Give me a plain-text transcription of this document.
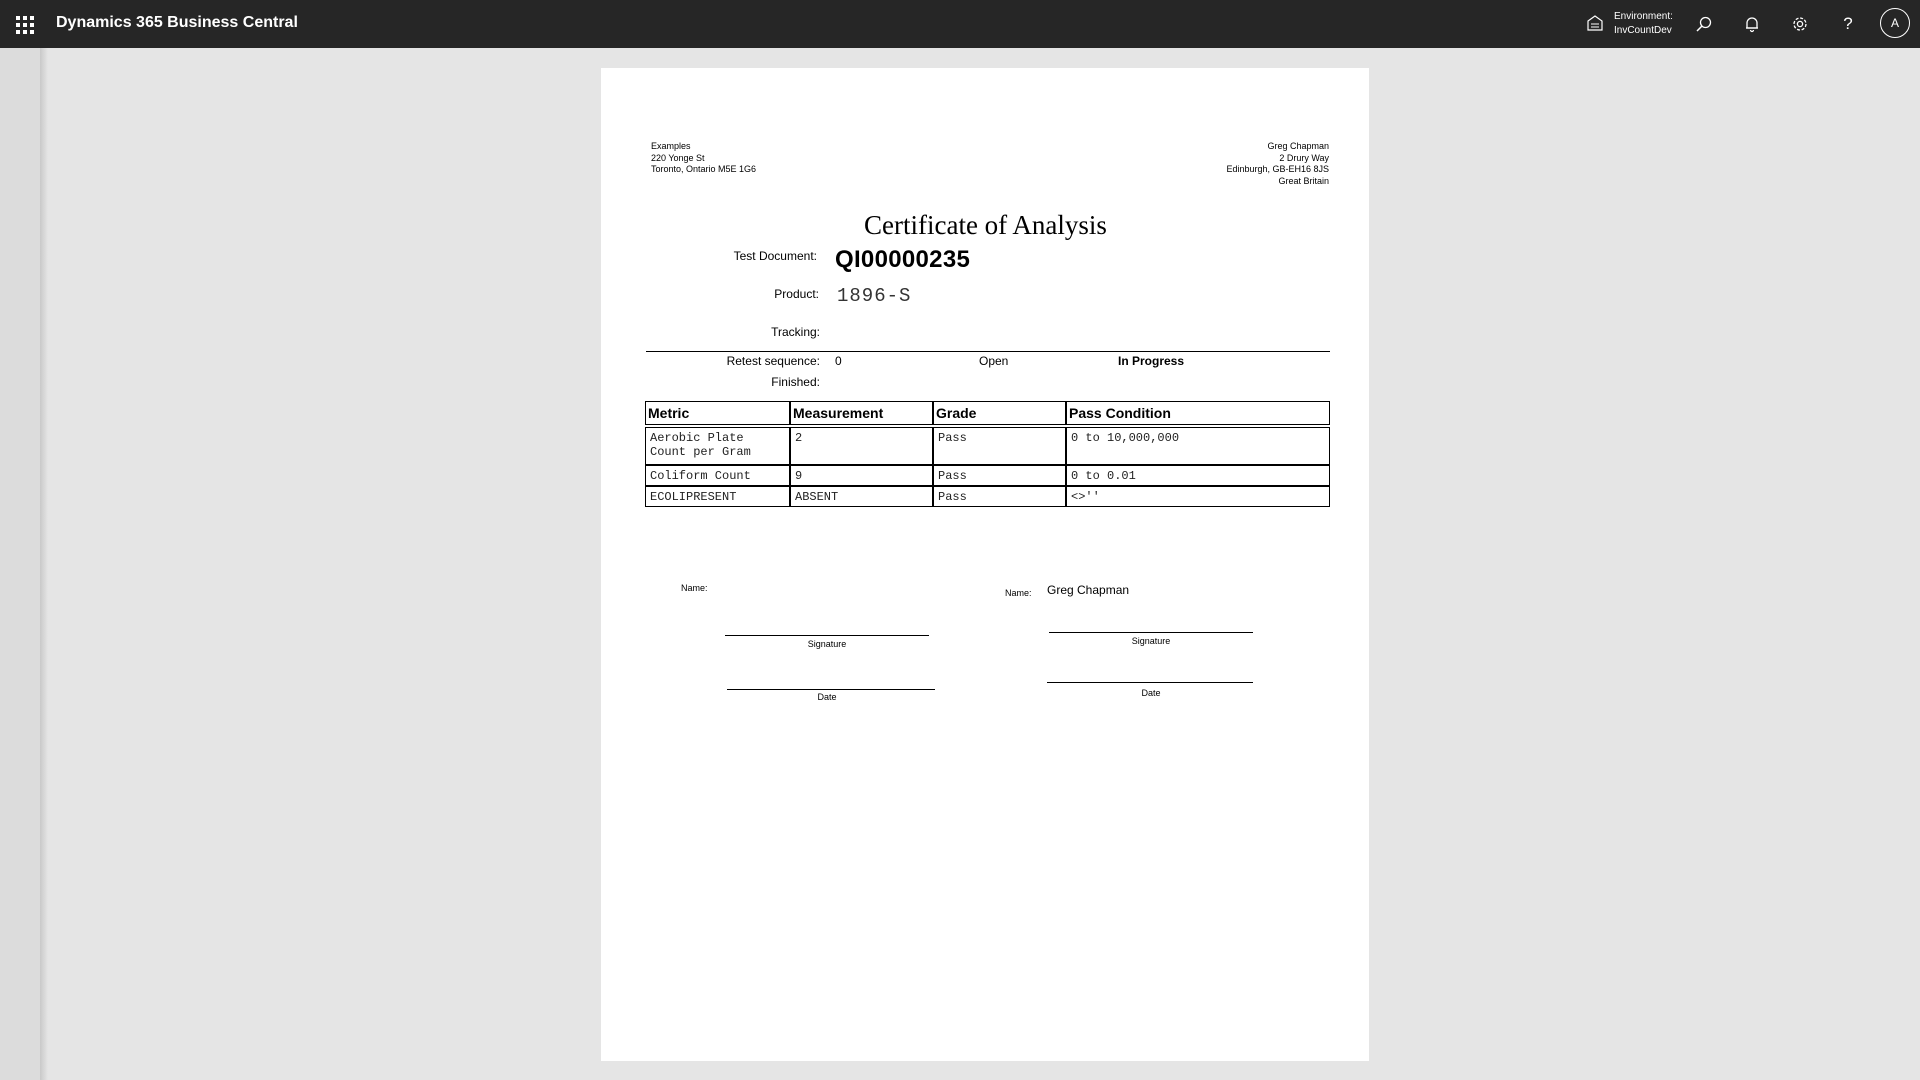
Dynamics 365 Business Central	Environment:
InvCountDev	?	A
Examples
220 Yonge St
Toronto, Ontario M5E 1G6
Greg Chapman
2 Drury Way
Edinburgh, GB-EH16 8JS
Great Britain
Certificate of Analysis
Test Document: QI00000235
Product: 1896-S
Tracking:
Retest sequence: 0	Open	In Progress
Finished:
Metric	Measurement	Grade	Pass Condition

Aerobic Plate
Count per Gram	2	Pass	0 to 10,000,000
Coliform Count	9	Pass	0 to 0.01
ECOLIPRESENT	ABSENT	Pass	<>''
Name:
Signature
Date
Name: Greg Chapman
Signature
Date
